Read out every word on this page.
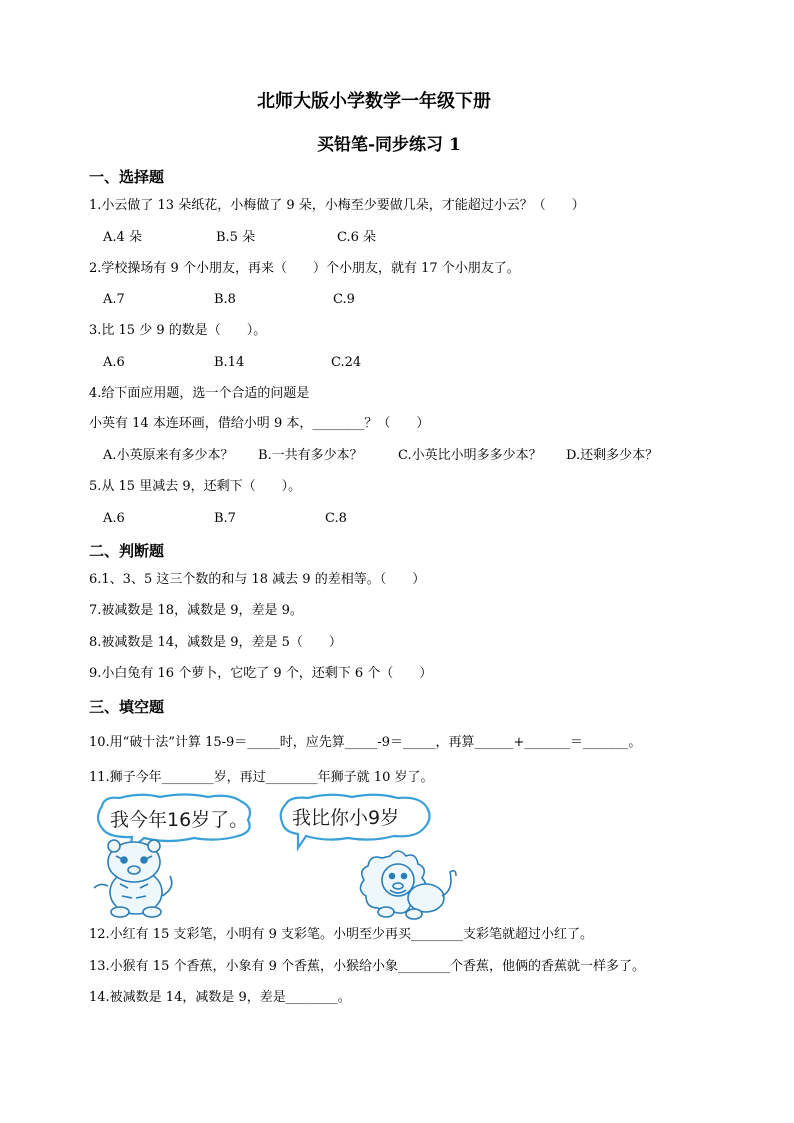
北师大版小学数学一年级下册
买铅笔-同步练习 1
一、选择题
1.小云做了 13 朵纸花，小梅做了 9 朵，小梅至少要做几朵，才能超过小云？（　　）
A.4 朵	B.5 朵	C.6 朵
2.学校操场有 9 个小朋友，再来（　　）个小朋友，就有 17 个小朋友了。
A.7	B.8	C.9
3.比 15 少 9 的数是（　　）。
A.6	B.14	C.24
4.给下面应用题，选一个合适的问题是
小英有 14 本连环画，借给小明 9 本，________？（　　）
A.小英原来有多少本？ B.一共有多少本？	C.小英比小明多多少本？ D.还剩多少本？
5.从 15 里减去 9，还剩下（　　）。
A.6	B.7	C.8
二、判断题
6.1、3、5 这三个数的和与 18 减去 9 的差相等。（　　）
7.被减数是 18，减数是 9，差是 9。
8.被减数是 14，减数是 9，差是 5（　　）
9.小白兔有 16 个萝卜，它吃了 9 个，还剩下 6 个（　　）
三、填空题
10.用“破十法”计算 15-9＝_____时，应先算_____-9＝_____，再算______+_______＝_______。
11.狮子今年________岁，再过________年狮子就 10 岁了。
我今年16岁了。 我比你小9岁
12.小红有 15 支彩笔，小明有 9 支彩笔。小明至少再买________支彩笔就超过小红了。
13.小猴有 15 个香蕉，小象有 9 个香蕉，小猴给小象________个香蕉，他俩的香蕉就一样多了。
14.被减数是 14，减数是 9，差是________。
